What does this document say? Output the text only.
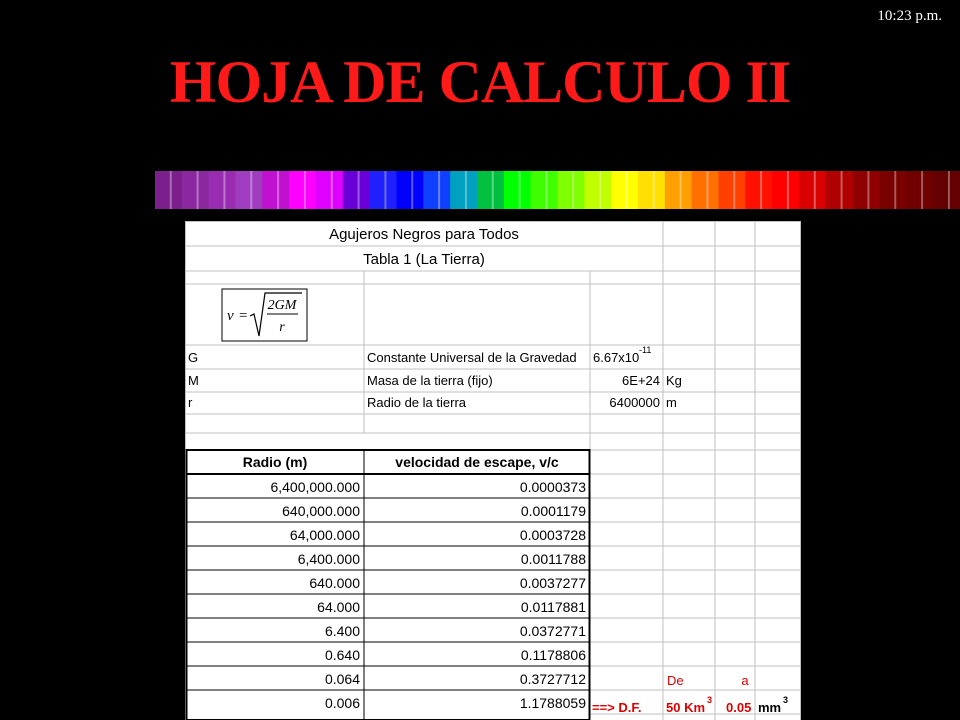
10:23 p.m.
HOJA DE CALCULO II
Agujeros Negros para Todos
Tabla 1 (La Tierra)
v =
2GM
r
G	Constante Universal de la Gravedad 6.67x10 -11
M	Masa de la tierra (fijo)	6E+24 Kg
r	Radio de la tierra	6400000 m
Radio (m)	velocidad de escape, v/c
6,400,000.000	0.0000373
640,000.000	0.0001179
64,000.000	0.0003728
6,400.000	0.0011788
640.000	0.0037277
64.000	0.0117881
6.400	0.0372771
0.640	0.1178806
0.064	0.3727712
0.006	1.1788059
De	a
==> D.F. 50 Km 3 0.05 mm 3
